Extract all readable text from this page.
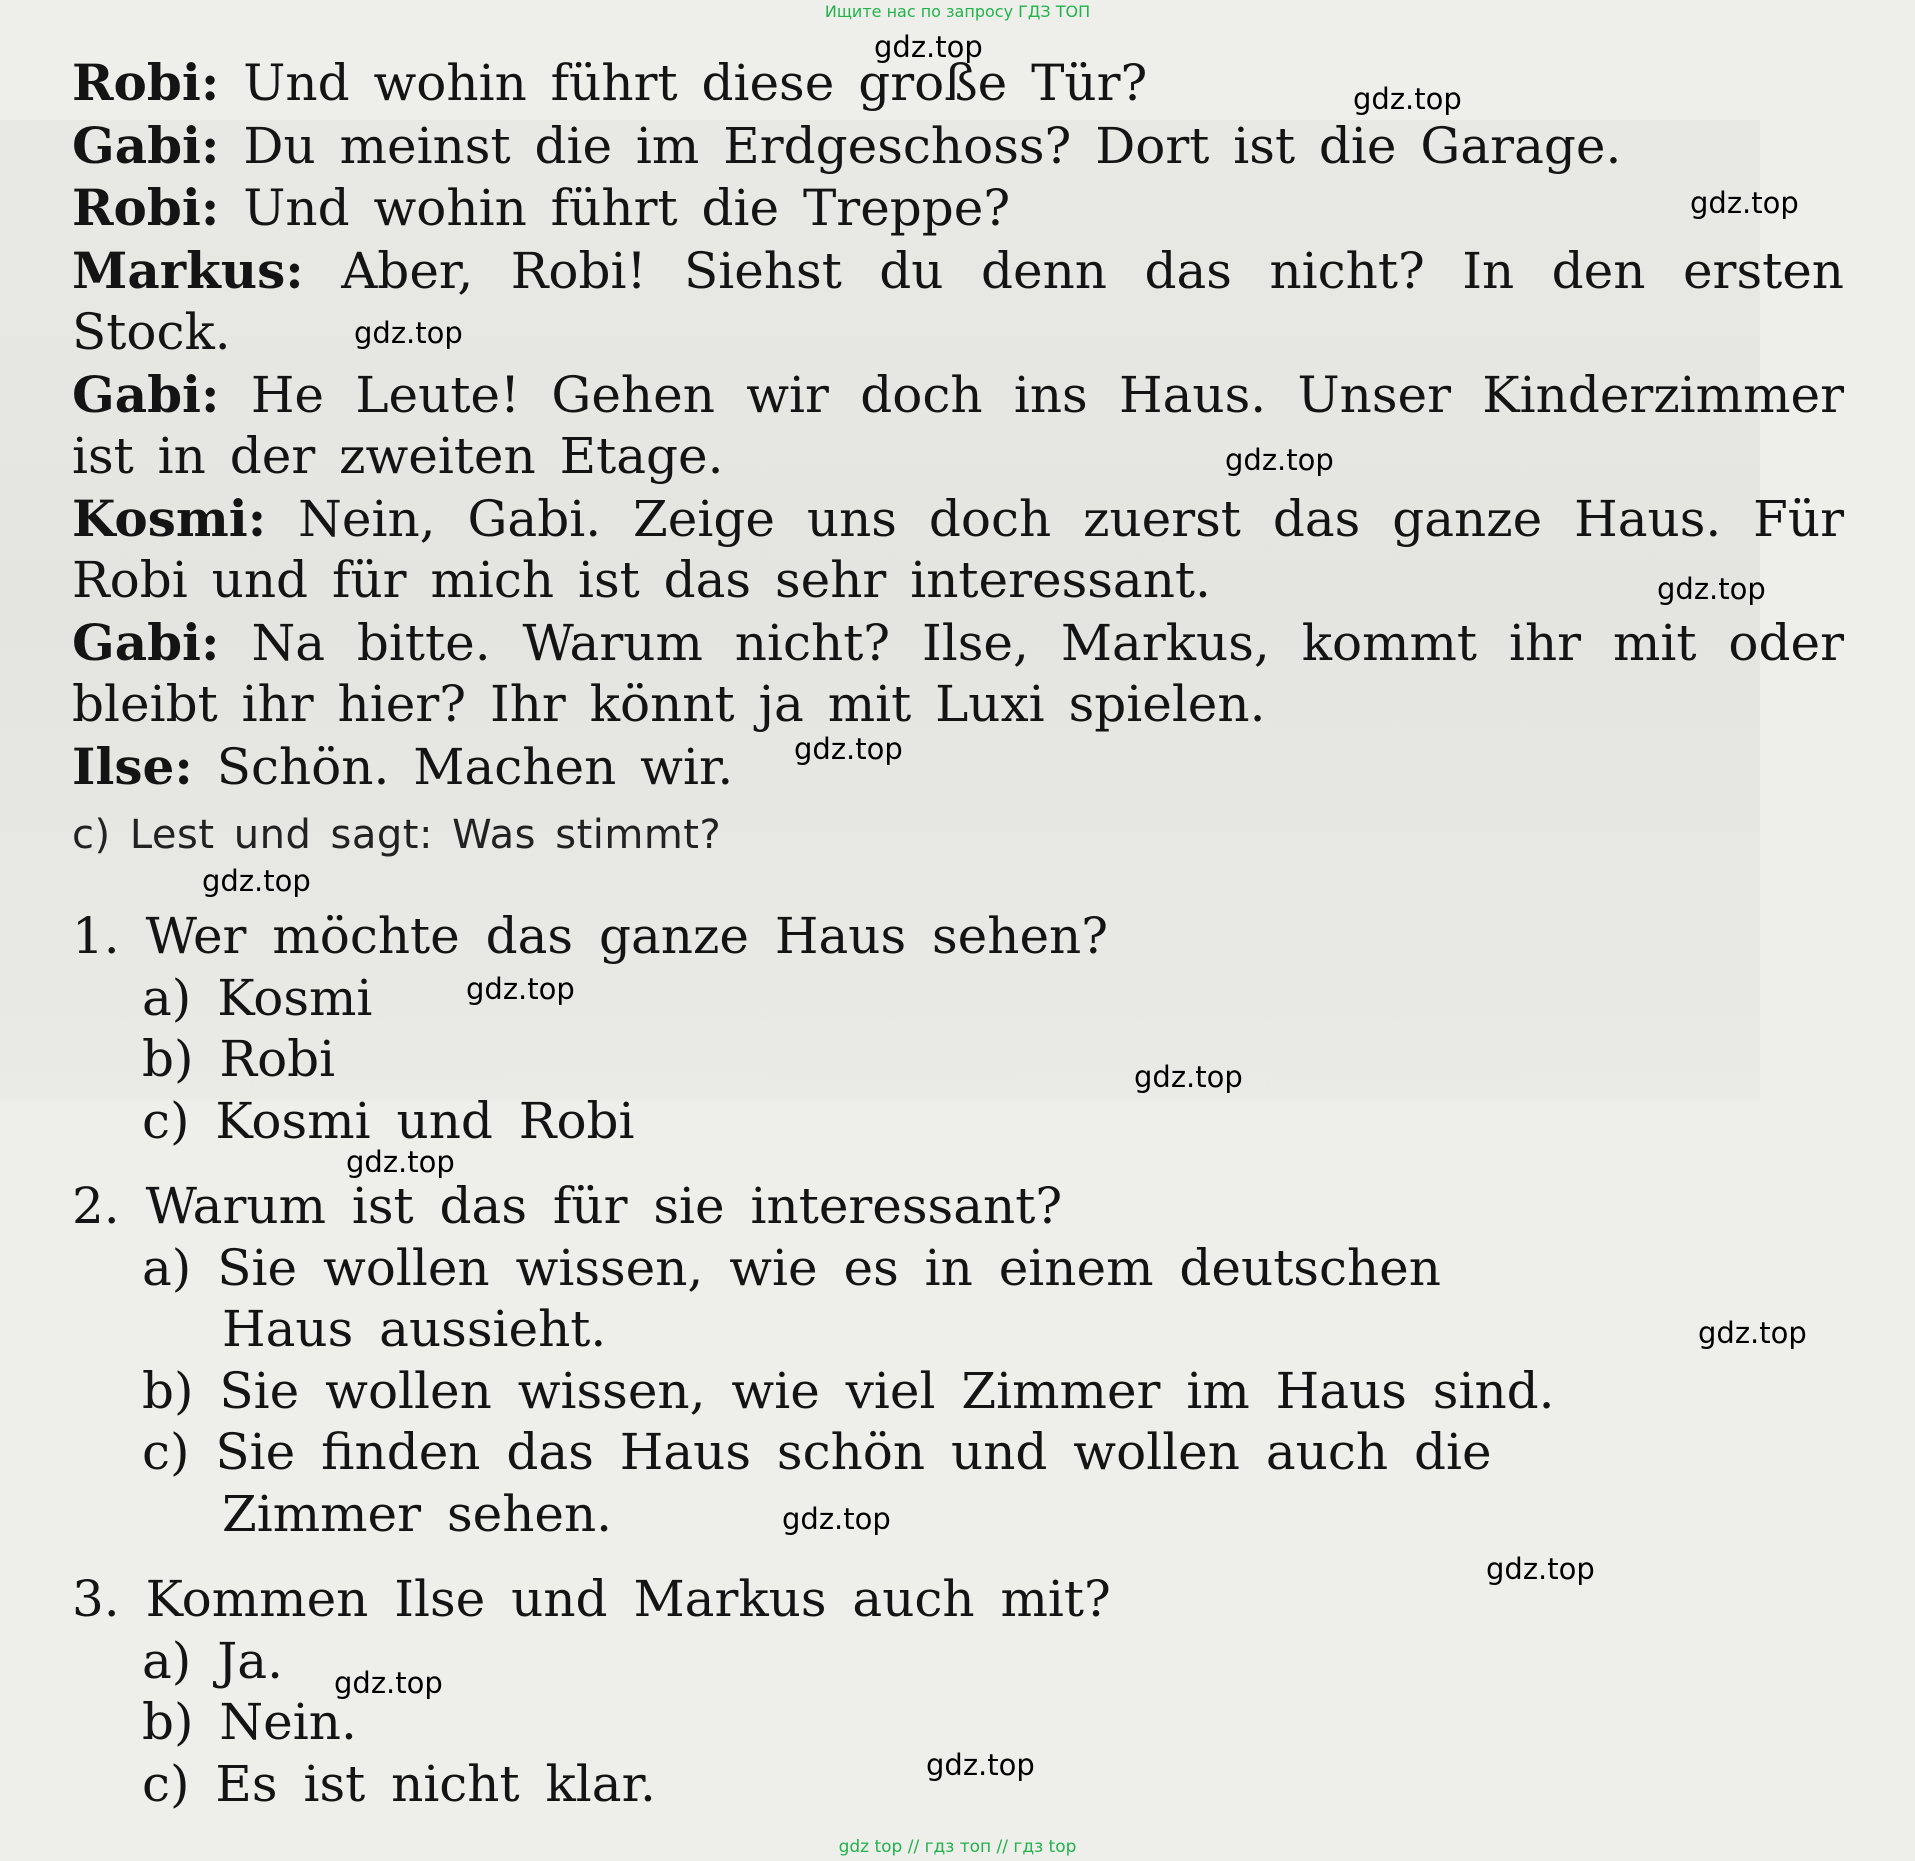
Ищите нас по запросу ГДЗ ТОП
Robi: Und wohin führt diese große Tür?
Gabi: Du meinst die im Erdgeschoss? Dort ist die Garage.
Robi: Und wohin führt die Treppe?
Markus: Aber, Robi! Siehst du denn das nicht? In den ersten Stock.
Gabi: He Leute! Gehen wir doch ins Haus. Unser Kinderzimmer ist in der zweiten Etage.
Kosmi: Nein, Gabi. Zeige uns doch zuerst das ganze Haus. Für Robi und für mich ist das sehr interessant.
Gabi: Na bitte. Warum nicht? Ilse, Markus, kommt ihr mit oder bleibt ihr hier? Ihr könnt ja mit Luxi spielen.
Ilse: Schön. Machen wir.
c) Lest und sagt: Was stimmt?
1. Wer möchte das ganze Haus sehen?
a) Kosmi
b) Robi
c) Kosmi und Robi
2. Warum ist das für sie interessant?
a) Sie wollen wissen, wie es in einem deutschen
Haus aussieht.
b) Sie wollen wissen, wie viel Zimmer im Haus sind.
c) Sie finden das Haus schön und wollen auch die
Zimmer sehen.
3. Kommen Ilse und Markus auch mit?
a) Ja.
b) Nein.
c) Es ist nicht klar.
gdz.top
gdz.top
gdz.top
gdz.top
gdz.top
gdz.top
gdz.top
gdz.top
gdz.top
gdz.top
gdz.top
gdz.top
gdz.top
gdz.top
gdz.top
gdz.top
gdz top // гдз топ // гдз top
